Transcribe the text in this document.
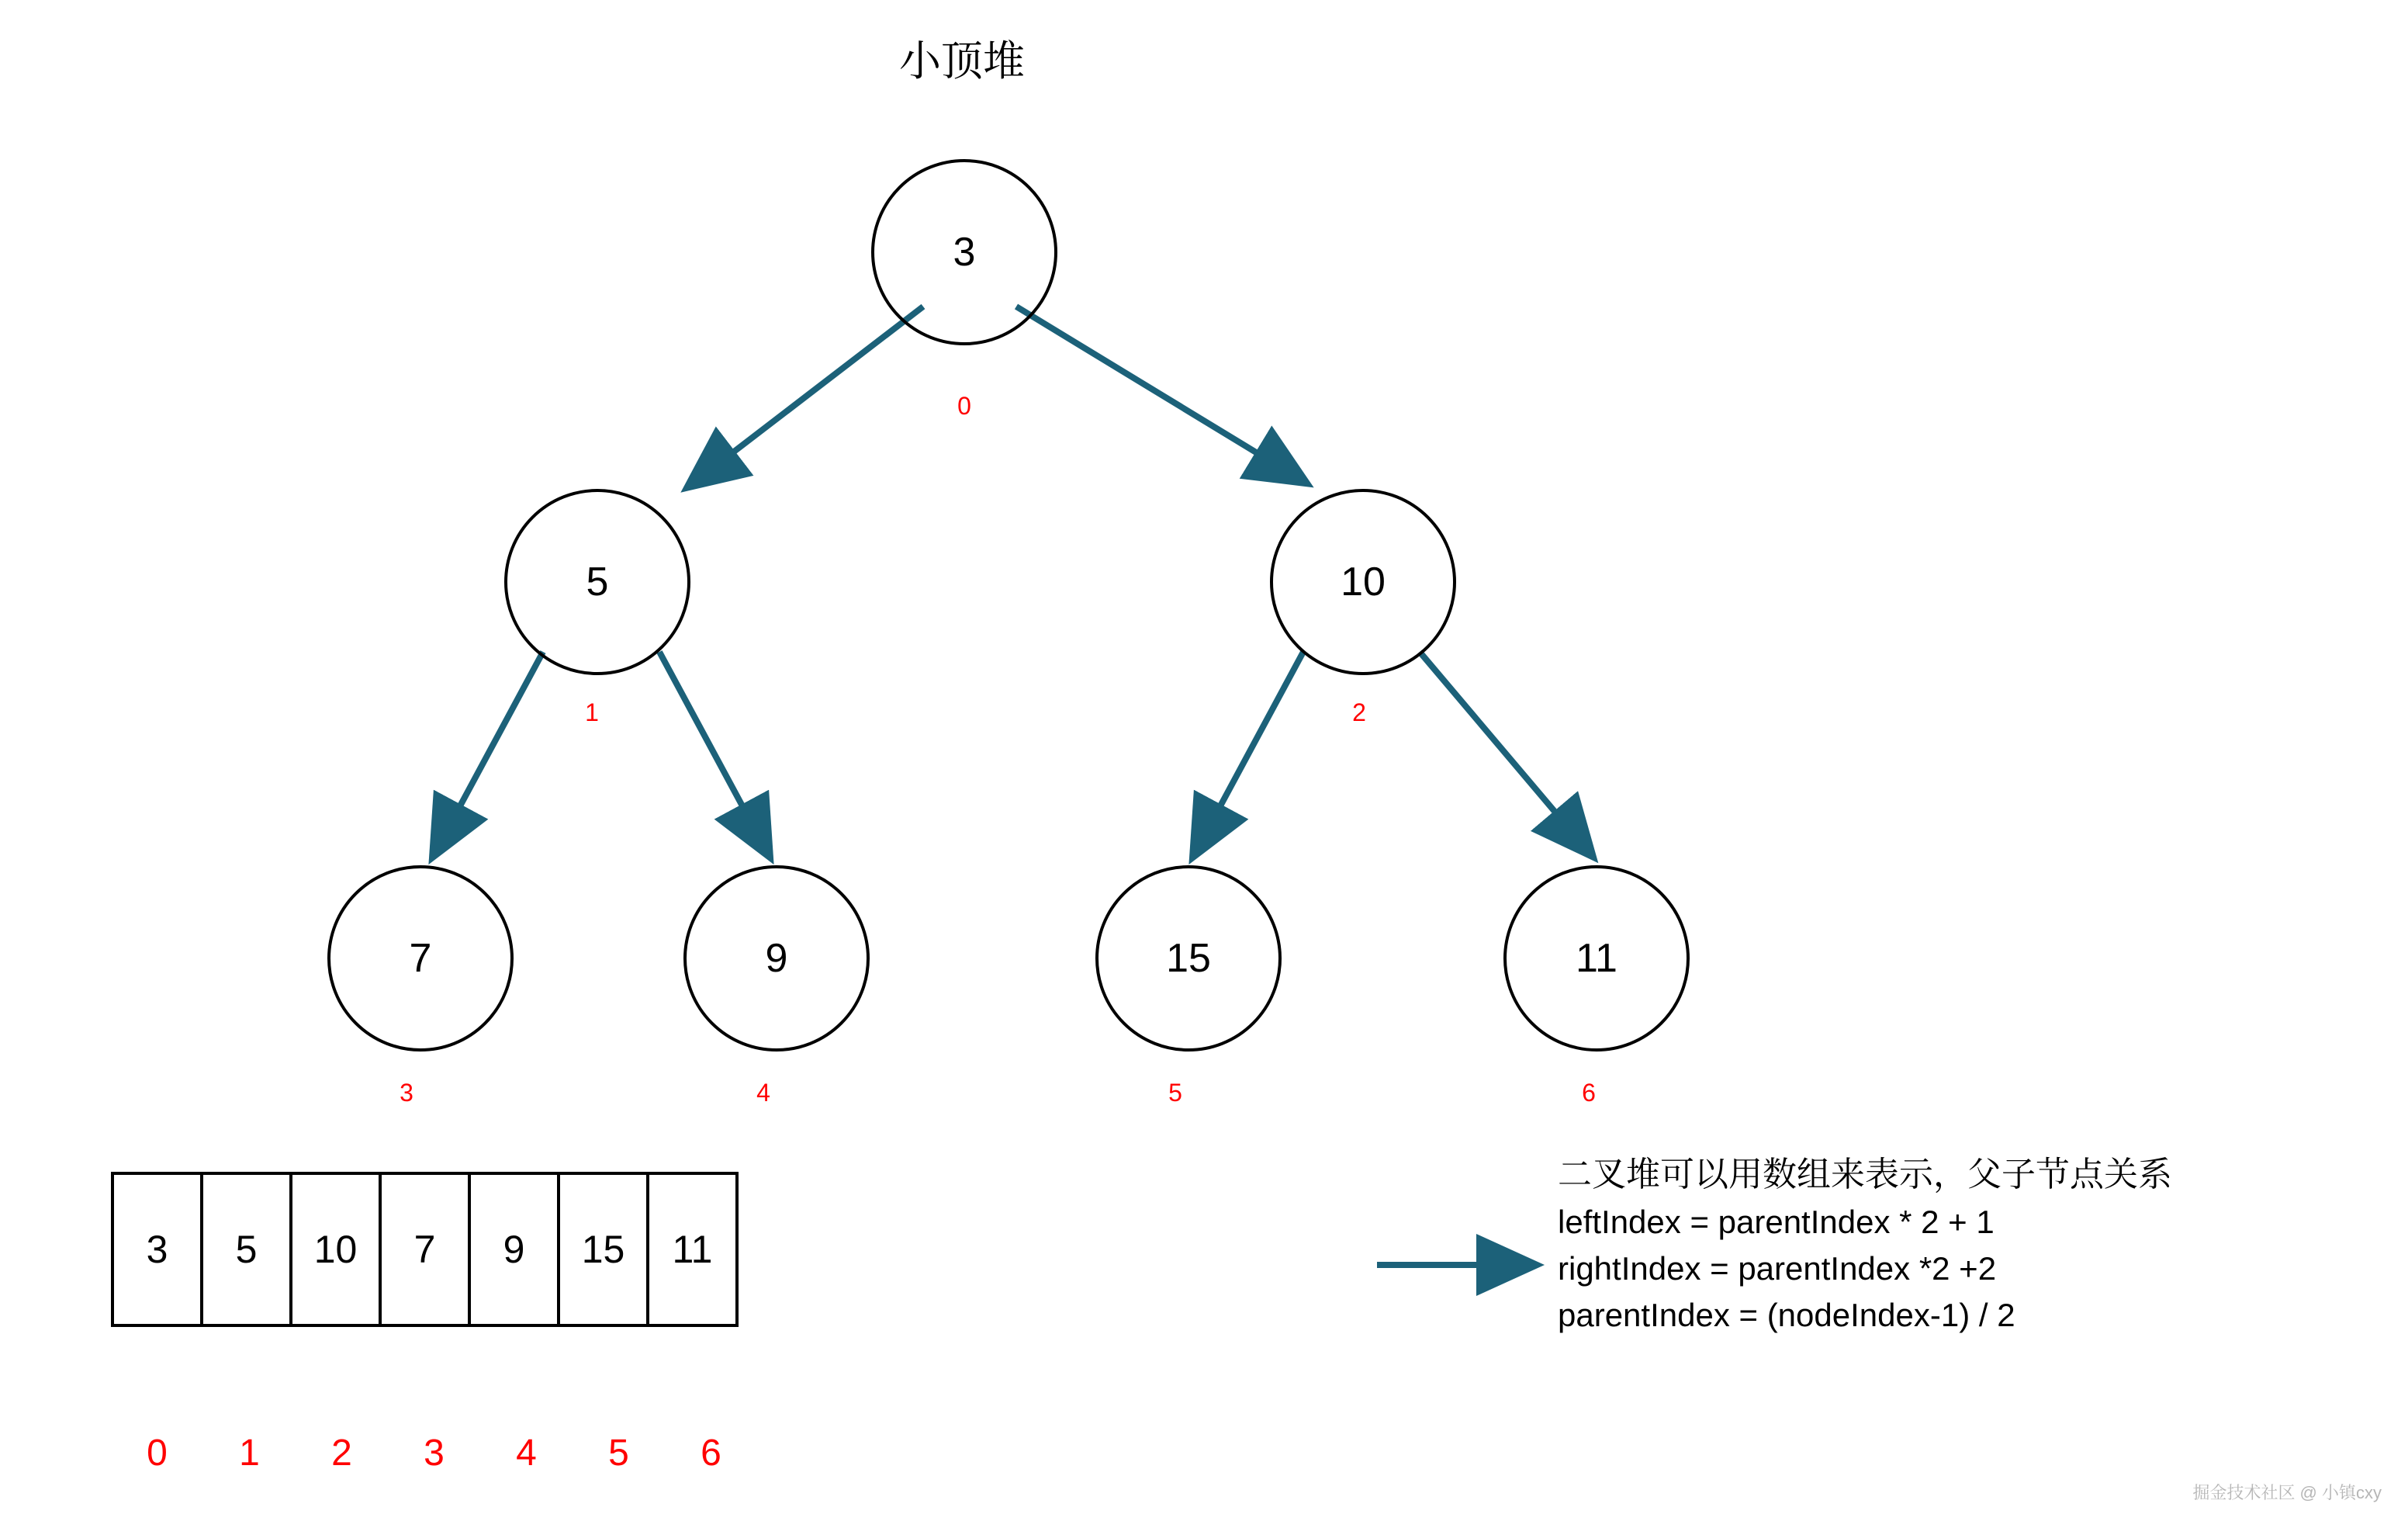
小顶堆
3
0
5
1
10
2
7
3
9
4
15
5
11
6
3	5	10	7	9	15	11
0	1	2	3	4	5	6
二叉堆可以用数组来表示，父子节点关系
leftIndex = parentIndex * 2 + 1
rightIndex = parentIndex *2 +2
parentIndex = (nodeIndex-1) / 2
掘金技术社区 @ 小镇cxy
